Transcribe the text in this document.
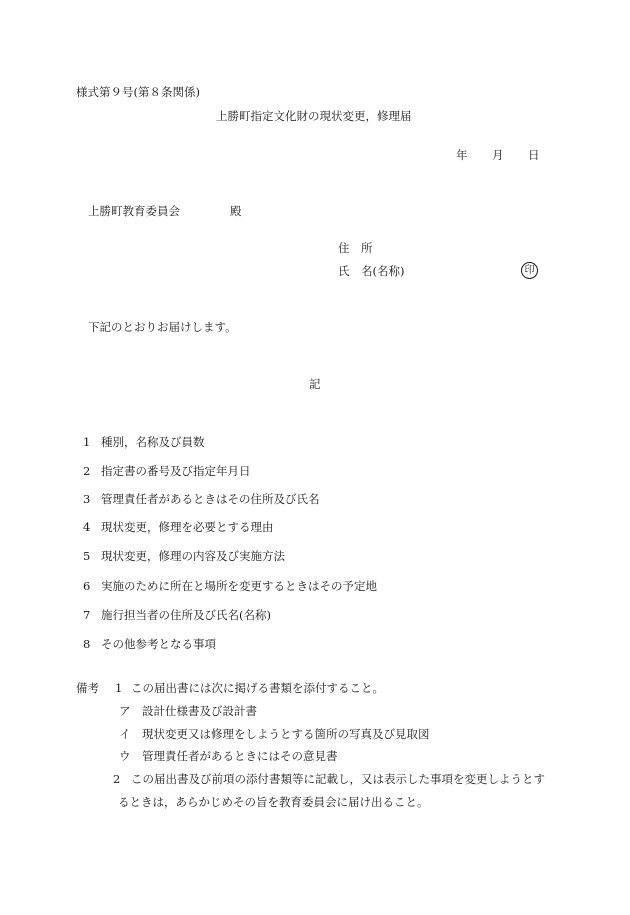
様式第９号(第８条関係)
上勝町指定文化財の現状変更，修理届
年 月 日
上勝町教育委員会	殿
住　所
氏　名(名称)	印
下記のとおりお届けします。
記
1 種別，名称及び員数
2 指定書の番号及び指定年月日
3 管理責任者があるときはその住所及び氏名
4 現状変更，修理を必要とする理由
5 現状変更，修理の内容及び実施方法
6 実施のために所在と場所を変更するときはその予定地
7 施行担当者の住所及び氏名(名称)
8 その他参考となる事項
備考 1 この届出書には次に掲げる書類を添付すること。
ア 設計仕様書及び設計書
イ 現状変更又は修理をしようとする箇所の写真及び見取図
ウ 管理責任者があるときにはその意見書
2 この届出書及び前項の添付書類等に記載し，又は表示した事項を変更しようとす
るときは，あらかじめその旨を教育委員会に届け出ること。
